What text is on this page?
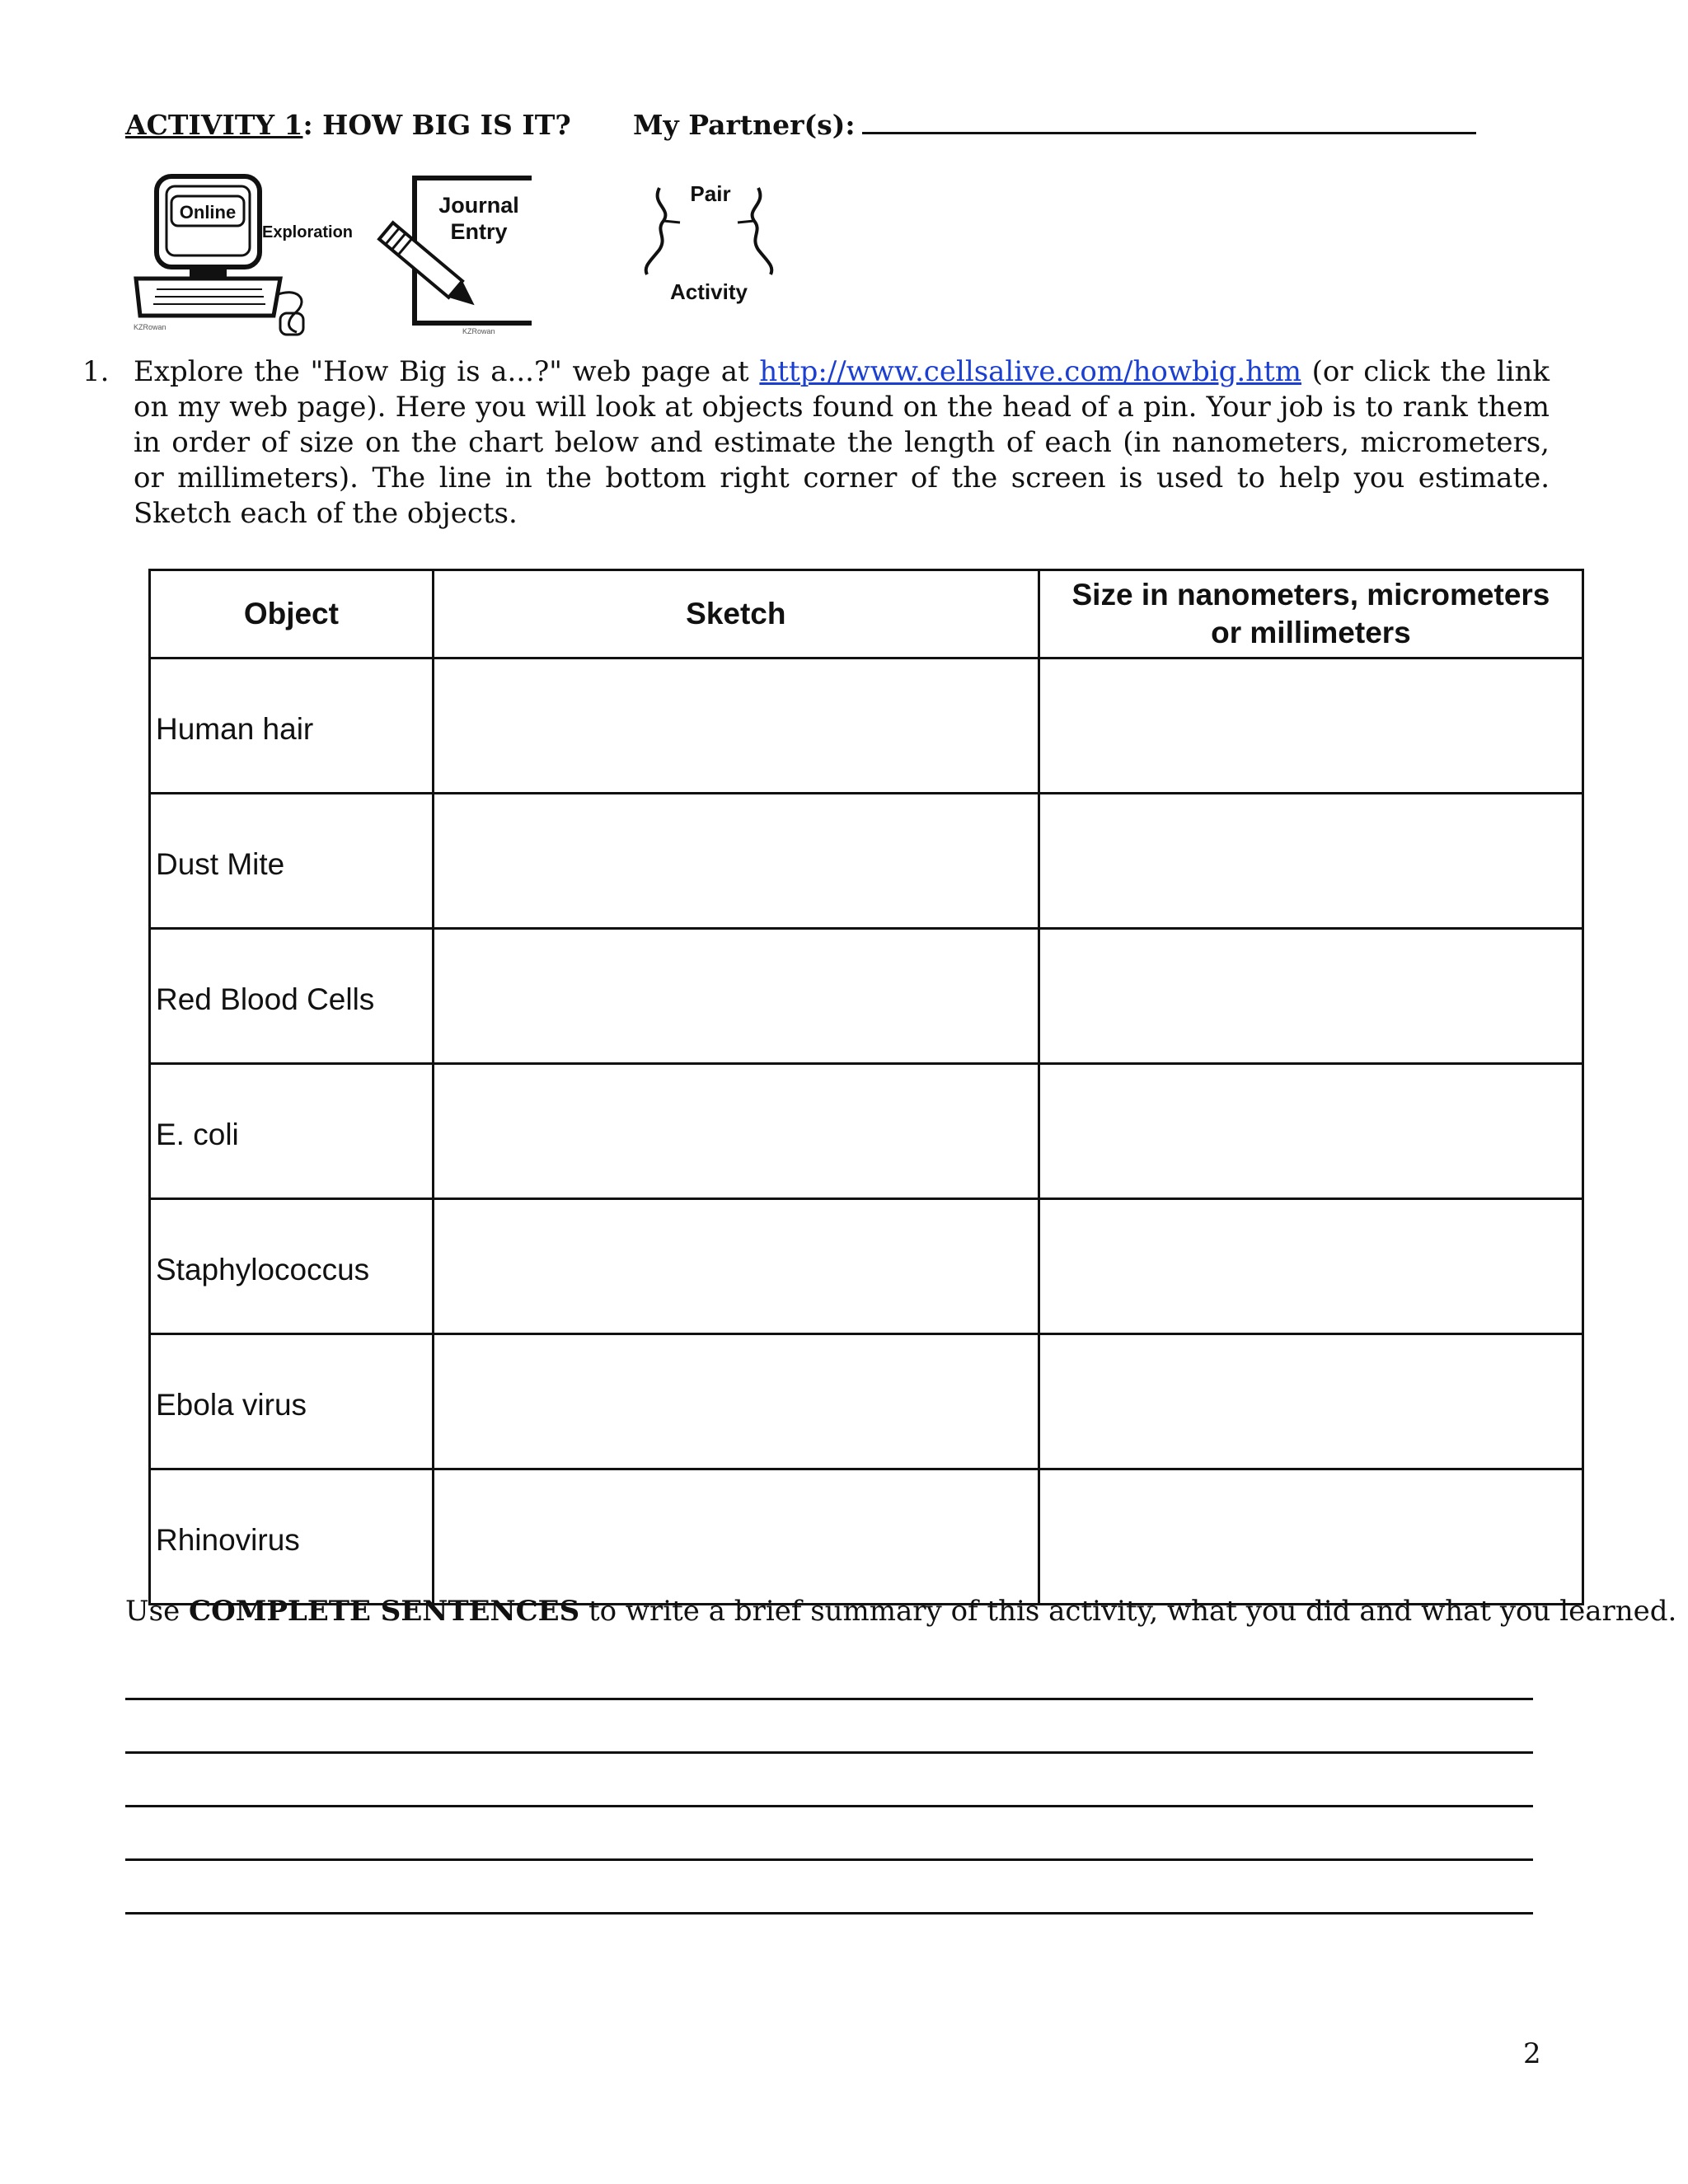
ACTIVITY 1: HOW BIG IS IT? My Partner(s):
Online
Exploration
KZRowan
Journal
Entry
KZRowan
Pair
Activity
1. Explore the "How Big is a...?" web page at http://www.cellsalive.com/howbig.htm (or click the link on my web page). Here you will look at objects found on the head of a pin. Your job is to rank them in order of size on the chart below and estimate the length of each (in nanometers, micrometers, or millimeters). The line in the bottom right corner of the screen is used to help you estimate. Sketch each of the objects.
Object	Sketch	Size in nanometers, micrometers or millimeters
Human hair		
Dust Mite		
Red Blood Cells		
E. coli		
Staphylococcus		
Ebola virus		
Rhinovirus		
Use COMPLETE SENTENCES to write a brief summary of this activity, what you did and what you learned.
2
